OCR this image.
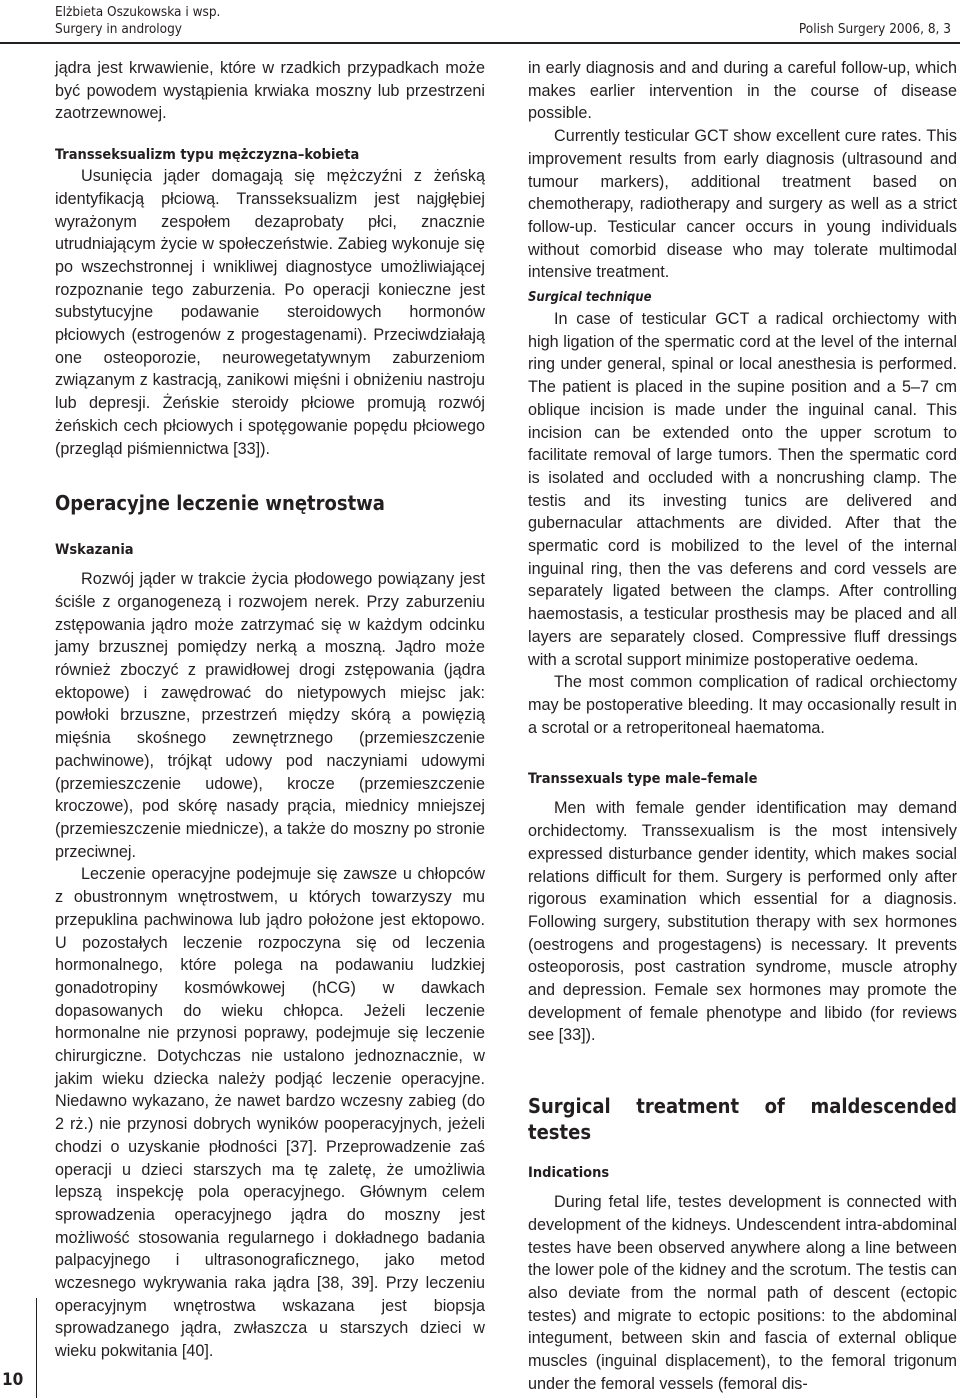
Elżbieta Oszukowska i wsp.
Surgery in andrology	Polish Surgery 2006, 8, 3
10

jądra jest krwawienie, które w rzadkich przypadkach może być powodem wystąpienia krwiaka moszny lub przestrzeni zaotrzewnowej.

Transseksualizm typu mężczyzna–kobieta

Usunięcia jąder domagają się mężczyźni z żeńską identyfikacją płciową. Transseksualizm jest najgłębiej wyrażonym zespołem dezaprobaty płci, znacznie utrudniającym życie w społeczeństwie. Zabieg wykonuje się po wszechstronnej i wnikliwej diagnostyce umożliwiającej rozpoznanie tego zaburzenia. Po operacji konieczne jest substytucyjne podawanie steroidowych hormonów płciowych (estrogenów z progestagenami). Przeciwdziałają one osteoporozie, neurowegetatywnym zaburzeniom związanym z kastracją, zanikowi mięśni i obniżeniu nastroju lub depresji. Żeńskie steroidy płciowe promują rozwój żeńskich cech płciowych i spotęgowanie popędu płciowego (przegląd piśmiennictwa [33]).

Operacyjne leczenie wnętrostwa

Wskazania

Rozwój jąder w trakcie życia płodowego powiązany jest ściśle z organogenezą i rozwojem nerek. Przy zaburzeniu zstępowania jądro może zatrzymać się w każdym odcinku jamy brzusznej pomiędzy nerką a moszną. Jądro może również zboczyć z prawidłowej drogi zstępowania (jądra ektopowe) i zawędrować do nietypowych miejsc jak: powłoki brzuszne, przestrzeń między skórą a powięzią mięśnia skośnego zewnętrznego (przemieszczenie pachwinowe), trójkąt udowy pod naczyniami udowymi (przemieszczenie udowe), krocze (przemieszczenie kroczowe), pod skórę nasady prącia, miednicy mniejszej (przemieszczenie miednicze), a także do moszny po stronie przeciwnej.

Leczenie operacyjne podejmuje się zawsze u chłopców z obustronnym wnętrostwem, u których towarzyszy mu przepuklina pachwinowa lub jądro położone jest ektopowo. U pozostałych leczenie rozpoczyna się od leczenia hormonalnego, które polega na podawaniu ludzkiej gonadotropiny kosmówkowej (hCG) w dawkach dopasowanych do wieku chłopca. Jeżeli leczenie hormonalne nie przynosi poprawy, podejmuje się leczenie chirurgiczne. Dotychczas nie ustalono jednoznacznie, w jakim wieku dziecka należy podjąć leczenie operacyjne. Niedawno wykazano, że nawet bardzo wczesny zabieg (do 2 rż.) nie przynosi dobrych wyników pooperacyjnych, jeżeli chodzi o uzyskanie płodności [37]. Przeprowadzenie zaś operacji u dzieci starszych ma tę zaletę, że umożliwia lepszą inspekcję pola operacyjnego. Głównym celem sprowadzenia operacyjnego jądra do moszny jest możliwość stosowania regularnego i dokładnego badania palpacyjnego i ultrasonograficznego, jako metod wczesnego wykrywania raka jądra [38, 39]. Przy leczeniu operacyjnym wnętrostwa wskazana jest biopsja sprowadzanego jądra, zwłaszcza u starszych dzieci w wieku pokwitania [40].

in early diagnosis and and during a careful follow-up, which makes earlier intervention in the course of disease possible.

Currently testicular GCT show excellent cure rates. This improvement results from early diagnosis (ultrasound and tumour markers), additional treatment based on chemotherapy, radiotherapy and surgery as well as a strict follow-up. Testicular cancer occurs in young individuals without comorbid disease who may tolerate multimodal intensive treatment.

Surgical technique

In case of testicular GCT a radical orchiectomy with high ligation of the spermatic cord at the level of the internal ring under general, spinal or local anesthesia is performed. The patient is placed in the supine position and a 5–7 cm oblique incision is made under the inguinal canal. This incision can be extended onto the upper scrotum to facilitate removal of large tumors. Then the spermatic cord is isolated and occluded with a noncrushing clamp. The testis and its investing tunics are delivered and gubernacular attachments are divided. After that the spermatic cord is mobilized to the level of the internal inguinal ring, then the vas deferens and cord vessels are separately ligated between the clamps. After controlling haemostasis, a testicular prosthesis may be placed and all layers are separately closed. Compressive fluff dressings with a scrotal support minimize postoperative oedema.

The most common complication of radical orchiectomy may be postoperative bleeding. It may occasionally result in a scrotal or a retroperitoneal haematoma.

Transsexuals type male–female

Men with female gender identification may demand orchidectomy. Transsexualism is the most intensively expressed disturbance gender identity, which makes social relations difficult for them. Surgery is performed only after rigorous examination which essential for a diagnosis. Following surgery, substitution therapy with sex hormones (oestrogens and progestagens) is necessary. It prevents osteoporosis, post castration syndrome, muscle atrophy and depression. Female sex hormones may promote the development of female phenotype and libido (for reviews see [33]).

Surgical treatment of maldescended testes

Indications

During fetal life, testes development is connected with development of the kidneys. Undescendent intra-abdominal testes have been observed anywhere along a line between the lower pole of the kidney and the scrotum. The testis can also deviate from the normal path of descent (ectopic testes) and migrate to ectopic positions: to the abdominal integument, between skin and fascia of external oblique muscles (inguinal displacement), to the femoral trigonum under the femoral vessels (femoral dis-
